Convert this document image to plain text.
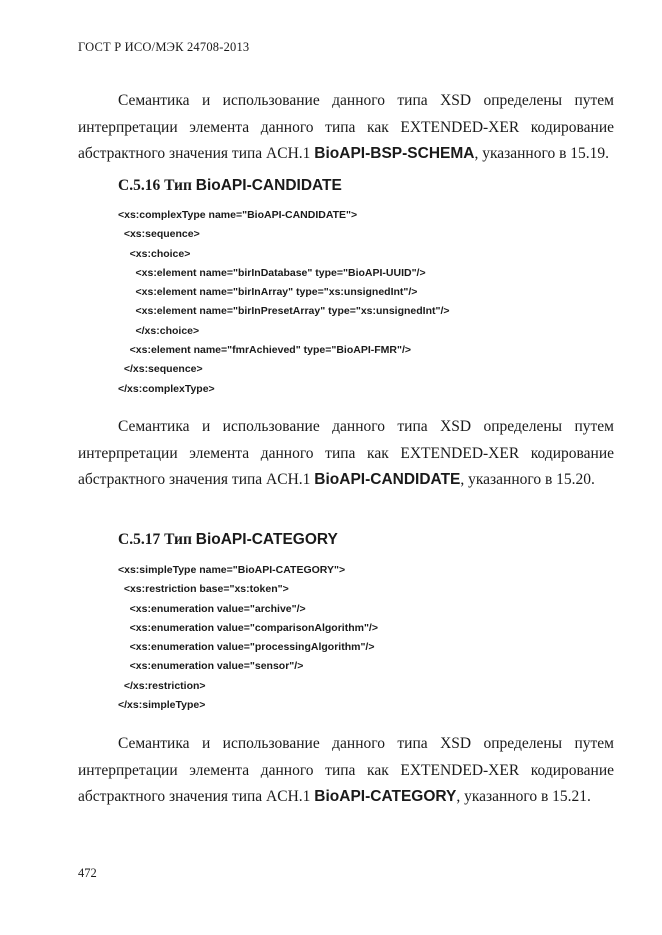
ГОСТ Р ИСО/МЭК 24708-2013
Семантика и использование данного типа XSD определены путем
интерпретации элемента данного типа как EXTENDED-XER кодирование
абстрактного значения типа ACH.1 BioAPI-BSP-SCHEMA, указанного в 15.19.
С.5.16 Тип BioAPI-CANDIDATE
<xs:complexType name="BioAPI-CANDIDATE">
<xs:sequence>
<xs:choice>
<xs:element name="birInDatabase" type="BioAPI-UUID"/>
<xs:element name="birInArray" type="xs:unsignedInt"/>
<xs:element name="birInPresetArray" type="xs:unsignedInt"/>
</xs:choice>
<xs:element name="fmrAchieved" type="BioAPI-FMR"/>
</xs:sequence>
</xs:complexType>
Семантика и использование данного типа XSD определены путем
интерпретации элемента данного типа как EXTENDED-XER кодирование
абстрактного значения типа ACH.1 BioAPI-CANDIDATE, указанного в 15.20.
С.5.17 Тип BioAPI-CATEGORY
<xs:simpleType name="BioAPI-CATEGORY">
<xs:restriction base="xs:token">
<xs:enumeration value="archive"/>
<xs:enumeration value="comparisonAlgorithm"/>
<xs:enumeration value="processingAlgorithm"/>
<xs:enumeration value="sensor"/>
</xs:restriction>
</xs:simpleType>
Семантика и использование данного типа XSD определены путем
интерпретации элемента данного типа как EXTENDED-XER кодирование
абстрактного значения типа ACH.1 BioAPI-CATEGORY, указанного в 15.21.
472
